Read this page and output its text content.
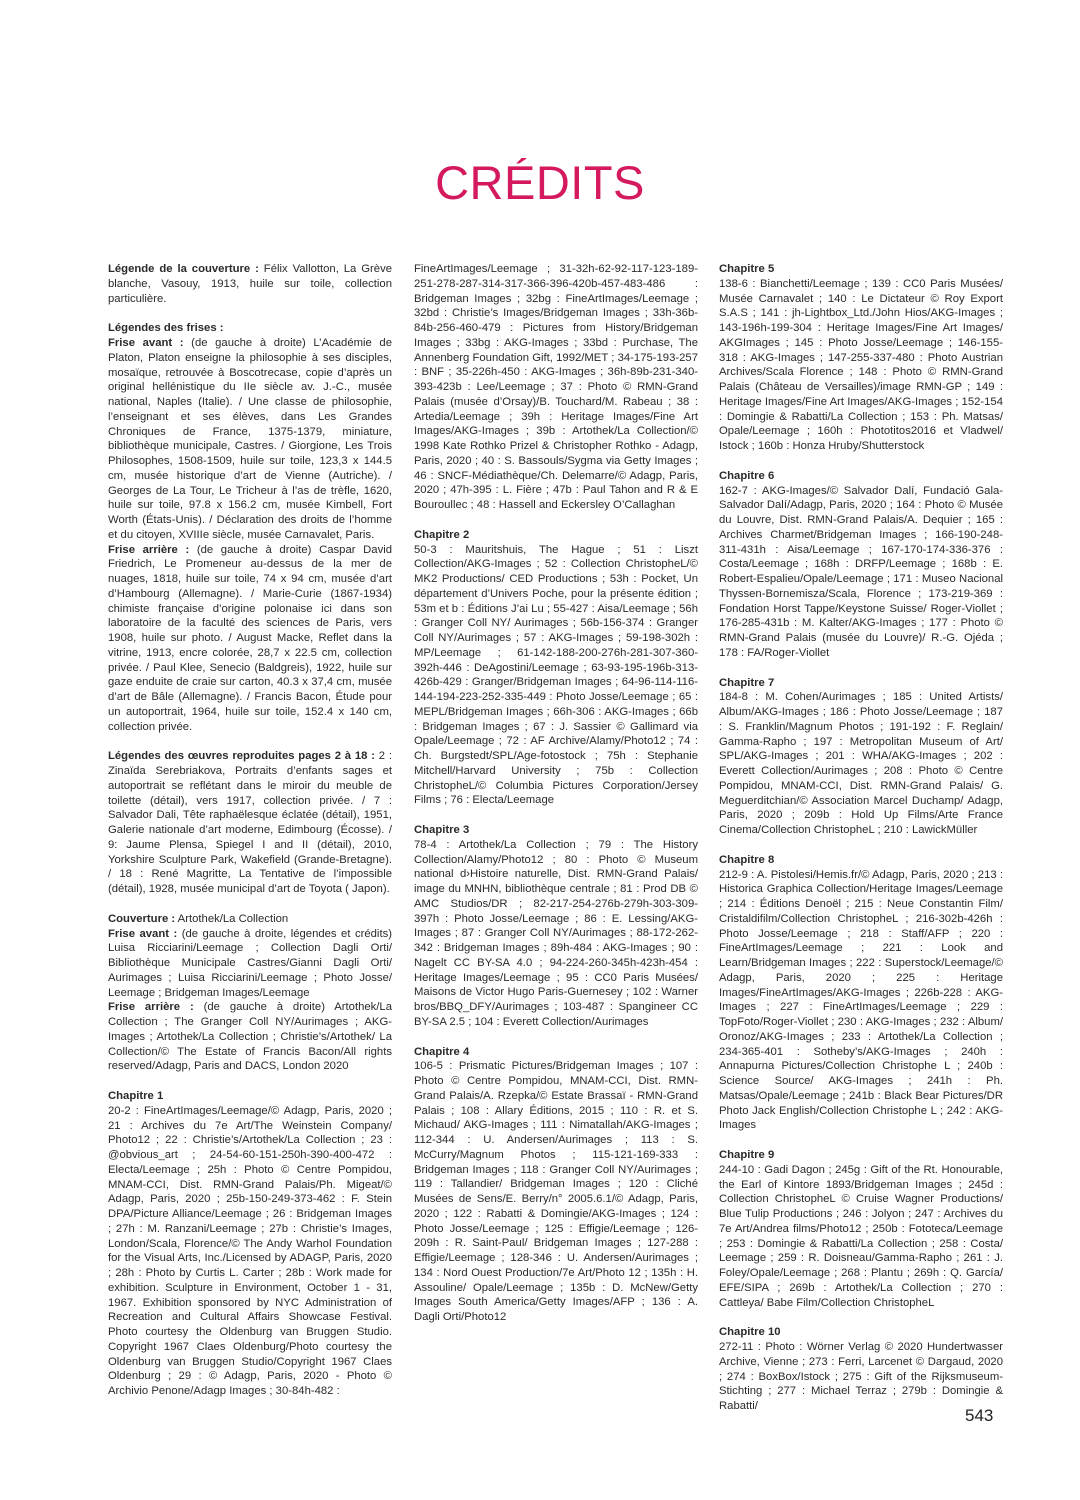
CRÉDITS

Légende de la couverture : Félix Vallotton, La Grève blanche, Vasouy, 1913, huile sur toile, collection particulière.

Légendes des frises :

Frise avant : (de gauche à droite) L’Académie de Platon, Platon enseigne la philosophie à ses disciples, mosaïque, retrouvée à Boscotrecase, copie d’après un original hellénistique du IIe siècle av. J.-C., musée national, Naples (Italie). / Une classe de philosophie, l’enseignant et ses élèves, dans Les Grandes Chroniques de France, 1375-1379, miniature, bibliothèque municipale, Castres. / Giorgione, Les Trois Philosophes, 1508-1509, huile sur toile, 123,3 x 144.5 cm, musée historique d’art de Vienne (Autriche). / Georges de La Tour, Le Tricheur à l’as de trèfle, 1620, huile sur toile, 97.8 x 156.2 cm, musée Kimbell, Fort Worth (États-Unis). / Déclaration des droits de l’homme et du citoyen, XVIIIe siècle, musée Carnavalet, Paris.

Frise arrière : (de gauche à droite) Caspar David Friedrich, Le Promeneur au-dessus de la mer de nuages, 1818, huile sur toile, 74 x 94 cm, musée d’art d’Hambourg (Allemagne). / Marie-Curie (1867-1934) chimiste française d’origine polonaise ici dans son laboratoire de la faculté des sciences de Paris, vers 1908, huile sur photo. / August Macke, Reflet dans la vitrine, 1913, encre colorée, 28,7 x 22.5 cm, collection privée. / Paul Klee, Senecio (Baldgreis), 1922, huile sur gaze enduite de craie sur carton, 40.3 x 37,4 cm, musée d’art de Bâle (Allemagne). / Francis Bacon, Étude pour un autoportrait, 1964, huile sur toile, 152.4 x 140 cm, collection privée.

Légendes des œuvres reproduites pages 2 à 18 : 2 : Zinaïda Serebriakova, Portraits d’enfants sages et autoportrait se reflétant dans le miroir du meuble de toilette (détail), vers 1917, collection privée. / 7 : Salvador Dali, Tête raphaëlesque éclatée (détail), 1951, Galerie nationale d’art moderne, Edimbourg (Écosse). / 9: Jaume Plensa, Spiegel I and II (détail), 2010, Yorkshire Sculpture Park, Wakefield (Grande-Bretagne). / 18 : René Magritte, La Tentative de l’impossible (détail), 1928, musée municipal d’art de Toyota ( Japon).

Couverture : Artothek/La Collection

Frise avant : (de gauche à droite, légendes et crédits) Luisa Ricciarini/Leemage ; Collection Dagli Orti/ Bibliothèque Municipale Castres/Gianni Dagli Orti/ Aurimages ; Luisa Ricciarini/Leemage ; Photo Josse/ Leemage ; Bridgeman Images/Leemage

Frise arrière : (de gauche à droite) Artothek/La Collection ; The Granger Coll NY/Aurimages ; AKG-Images ; Artothek/La Collection ; Christie’s/Artothek/ La Collection/© The Estate of Francis Bacon/All rights reserved/Adagp, Paris and DACS, London 2020

Chapitre 1

20-2 : FineArtImages/Leemage/© Adagp, Paris, 2020 ; 21 : Archives du 7e Art/The Weinstein Company/ Photo12 ; 22 : Christie’s/Artothek/La Collection ; 23 : @obvious_art ; 24-54-60-151-250h-390-400-472 : Electa/Leemage ; 25h : Photo © Centre Pompidou, MNAM-CCI, Dist. RMN-Grand Palais/Ph. Migeat/© Adagp, Paris, 2020 ; 25b-150-249-373-462 : F. Stein DPA/Picture Alliance/Leemage ; 26 : Bridgeman Images ; 27h : M. Ranzani/Leemage ; 27b : Christie’s Images, London/Scala, Florence/© The Andy Warhol Foundation for the Visual Arts, Inc./Licensed by ADAGP, Paris, 2020 ; 28h : Photo by Curtis L. Carter ; 28b : Work made for exhibition. Sculpture in Environment, October 1 - 31, 1967. Exhibition sponsored by NYC Administration of Recreation and Cultural Affairs Showcase Festival. Photo courtesy the Oldenburg van Bruggen Studio. Copyright 1967 Claes Oldenburg/Photo courtesy the Oldenburg van Bruggen Studio/Copyright 1967 Claes Oldenburg ; 29 : © Adagp, Paris, 2020 - Photo © Archivio Penone/Adagp Images ; 30-84h-482 :

FineArtImages/Leemage ; 31-32h-62-92-117-123-189-251-278-287-314-317-366-396-420b-457-483-486 : Bridgeman Images ; 32bg : FineArtImages/Leemage ; 32bd : Christie’s Images/Bridgeman Images ; 33h-36b-84b-256-460-479 : Pictures from History/Bridgeman Images ; 33bg : AKG-Images ; 33bd : Purchase, The Annenberg Foundation Gift, 1992/MET ; 34-175-193-257 : BNF ; 35-226h-450 : AKG-Images ; 36h-89b-231-340-393-423b : Lee/Leemage ; 37 : Photo © RMN-Grand Palais (musée d’Orsay)/B. Touchard/M. Rabeau ; 38 : Artedia/Leemage ; 39h : Heritage Images/Fine Art Images/AKG-Images ; 39b : Artothek/La Collection/© 1998 Kate Rothko Prizel & Christopher Rothko - Adagp, Paris, 2020 ; 40 : S. Bassouls/Sygma via Getty Images ; 46 : SNCF-Médiathèque/Ch. Delemarre/© Adagp, Paris, 2020 ; 47h-395 : L. Fière ; 47b : Paul Tahon and R & E Bouroullec ; 48 : Hassell and Eckersley O’Callaghan

Chapitre 2

50-3 : Mauritshuis, The Hague ; 51 : Liszt Collection/AKG-Images ; 52 : Collection ChristopheL/© MK2 Productions/ CED Productions ; 53h : Pocket, Un département d’Univers Poche, pour la présente édition ; 53m et b : Éditions J’ai Lu ; 55-427 : Aisa/Leemage ; 56h : Granger Coll NY/ Aurimages ; 56b-156-374 : Granger Coll NY/Aurimages ; 57 : AKG-Images ; 59-198-302h : MP/Leemage ; 61-142-188-200-276h-281-307-360-392h-446 : DeAgostini/Leemage ; 63-93-195-196b-313-426b-429 : Granger/Bridgeman Images ; 64-96-114-116-144-194-223-252-335-449 : Photo Josse/Leemage ; 65 : MEPL/Bridgeman Images ; 66h-306 : AKG-Images ; 66b : Bridgeman Images ; 67 : J. Sassier © Gallimard via Opale/Leemage ; 72 : AF Archive/Alamy/Photo12 ; 74 : Ch. Burgstedt/SPL/Age-fotostock ; 75h : Stephanie Mitchell/Harvard University ; 75b : Collection ChristopheL/© Columbia Pictures Corporation/Jersey Films ; 76 : Electa/Leemage

Chapitre 3

78-4 : Artothek/La Collection ; 79 : The History Collection/Alamy/Photo12 ; 80 : Photo © Museum national d›Histoire naturelle, Dist. RMN-Grand Palais/ image du MNHN, bibliothèque centrale ; 81 : Prod DB © AMC Studios/DR ; 82-217-254-276b-279h-303-309-397h : Photo Josse/Leemage ; 86 : E. Lessing/AKG-Images ; 87 : Granger Coll NY/Aurimages ; 88-172-262-342 : Bridgeman Images ; 89h-484 : AKG-Images ; 90 : Nagelt CC BY-SA 4.0 ; 94-224-260-345h-423h-454 : Heritage Images/Leemage ; 95 : CC0 Paris Musées/ Maisons de Victor Hugo Paris-Guernesey ; 102 : Warner bros/BBQ_DFY/Aurimages ; 103-487 : Spangineer CC BY-SA 2.5 ; 104 : Everett Collection/Aurimages

Chapitre 4

106-5 : Prismatic Pictures/Bridgeman Images ; 107 : Photo © Centre Pompidou, MNAM-CCI, Dist. RMN-Grand Palais/A. Rzepka/© Estate Brassaï - RMN-Grand Palais ; 108 : Allary Éditions, 2015 ; 110 : R. et S. Michaud/ AKG-Images ; 111 : Nimatallah/AKG-Images ; 112-344 : U. Andersen/Aurimages ; 113 : S. McCurry/Magnum Photos ; 115-121-169-333 : Bridgeman Images ; 118 : Granger Coll NY/Aurimages ; 119 : Tallandier/ Bridgeman Images ; 120 : Cliché Musées de Sens/E. Berry/n° 2005.6.1/© Adagp, Paris, 2020 ; 122 : Rabatti & Domingie/AKG-Images ; 124 : Photo Josse/Leemage ; 125 : Effigie/Leemage ; 126-209h : R. Saint-Paul/ Bridgeman Images ; 127-288 : Effigie/Leemage ; 128-346 : U. Andersen/Aurimages ; 134 : Nord Ouest Production/7e Art/Photo 12 ; 135h : H. Assouline/ Opale/Leemage ; 135b : D. McNew/Getty Images South America/Getty Images/AFP ; 136 : A. Dagli Orti/Photo12

Chapitre 5

138-6 : Bianchetti/Leemage ; 139 : CC0 Paris Musées/ Musée Carnavalet ; 140 : Le Dictateur © Roy Export S.A.S ; 141 : jh-Lightbox_Ltd./John Hios/AKG-Images ; 143-196h-199-304 : Heritage Images/Fine Art Images/ AKGImages ; 145 : Photo Josse/Leemage ; 146-155-318 : AKG-Images ; 147-255-337-480 : Photo Austrian Archives/Scala Florence ; 148 : Photo © RMN-Grand Palais (Château de Versailles)/image RMN-GP ; 149 : Heritage Images/Fine Art Images/AKG-Images ; 152-154 : Domingie & Rabatti/La Collection ; 153 : Ph. Matsas/ Opale/Leemage ; 160h : Phototitos2016 et Vladwel/ Istock ; 160b : Honza Hruby/Shutterstock

Chapitre 6

162-7 : AKG-Images/© Salvador Dalí, Fundació Gala-Salvador Dalí/Adagp, Paris, 2020 ; 164 : Photo © Musée du Louvre, Dist. RMN-Grand Palais/A. Dequier ; 165 : Archives Charmet/Bridgeman Images ; 166-190-248-311-431h : Aisa/Leemage ; 167-170-174-336-376 : Costa/Leemage ; 168h : DRFP/Leemage ; 168b : E. Robert-Espalieu/Opale/Leemage ; 171 : Museo Nacional Thyssen-Bornemisza/Scala, Florence ; 173-219-369 : Fondation Horst Tappe/Keystone Suisse/ Roger-Viollet ; 176-285-431b : M. Kalter/AKG-Images ; 177 : Photo © RMN-Grand Palais (musée du Louvre)/ R.-G. Ojéda ; 178 : FA/Roger-Viollet

Chapitre 7

184-8 : M. Cohen/Aurimages ; 185 : United Artists/ Album/AKG-Images ; 186 : Photo Josse/Leemage ; 187 : S. Franklin/Magnum Photos ; 191-192 : F. Reglain/ Gamma-Rapho ; 197 : Metropolitan Museum of Art/ SPL/AKG-Images ; 201 : WHA/AKG-Images ; 202 : Everett Collection/Aurimages ; 208 : Photo © Centre Pompidou, MNAM-CCI, Dist. RMN-Grand Palais/ G. Meguerditchian/© Association Marcel Duchamp/ Adagp, Paris, 2020 ; 209b : Hold Up Films/Arte France Cinema/Collection ChristopheL ; 210 : LawickMüller

Chapitre 8

212-9 : A. Pistolesi/Hemis.fr/© Adagp, Paris, 2020 ; 213 : Historica Graphica Collection/Heritage Images/Leemage ; 214 : Éditions Denoël ; 215 : Neue Constantin Film/ Cristaldifilm/Collection ChristopheL ; 216-302b-426h : Photo Josse/Leemage ; 218 : Staff/AFP ; 220 : FineArtImages/Leemage ; 221 : Look and Learn/Bridgeman Images ; 222 : Superstock/Leemage/© Adagp, Paris, 2020 ; 225 : Heritage Images/FineArtImages/AKG-Images ; 226b-228 : AKG-Images ; 227 : FineArtImages/Leemage ; 229 : TopFoto/Roger-Viollet ; 230 : AKG-Images ; 232 : Album/ Oronoz/AKG-Images ; 233 : Artothek/La Collection ; 234-365-401 : Sotheby’s/AKG-Images ; 240h : Annapurna Pictures/Collection Christophe L ; 240b : Science Source/ AKG-Images ; 241h : Ph. Matsas/Opale/Leemage ; 241b : Black Bear Pictures/DR Photo Jack English/Collection Christophe L ; 242 : AKG-Images

Chapitre 9

244-10 : Gadi Dagon ; 245g : Gift of the Rt. Honourable, the Earl of Kintore 1893/Bridgeman Images ; 245d : Collection ChristopheL © Cruise Wagner Productions/ Blue Tulip Productions ; 246 : Jolyon ; 247 : Archives du 7e Art/Andrea films/Photo12 ; 250b : Fototeca/Leemage ; 253 : Domingie & Rabatti/La Collection ; 258 : Costa/ Leemage ; 259 : R. Doisneau/Gamma-Rapho ; 261 : J. Foley/Opale/Leemage ; 268 : Plantu ; 269h : Q. García/ EFE/SIPA ; 269b : Artothek/La Collection ; 270 : Cattleya/ Babe Film/Collection ChristopheL

Chapitre 10

272-11 : Photo : Wörner Verlag © 2020 Hundertwasser Archive, Vienne ; 273 : Ferri, Larcenet © Dargaud, 2020 ; 274 : BoxBox/Istock ; 275 : Gift of the Rijksmuseum-Stichting ; 277 : Michael Terraz ; 279b : Domingie & Rabatti/	543
